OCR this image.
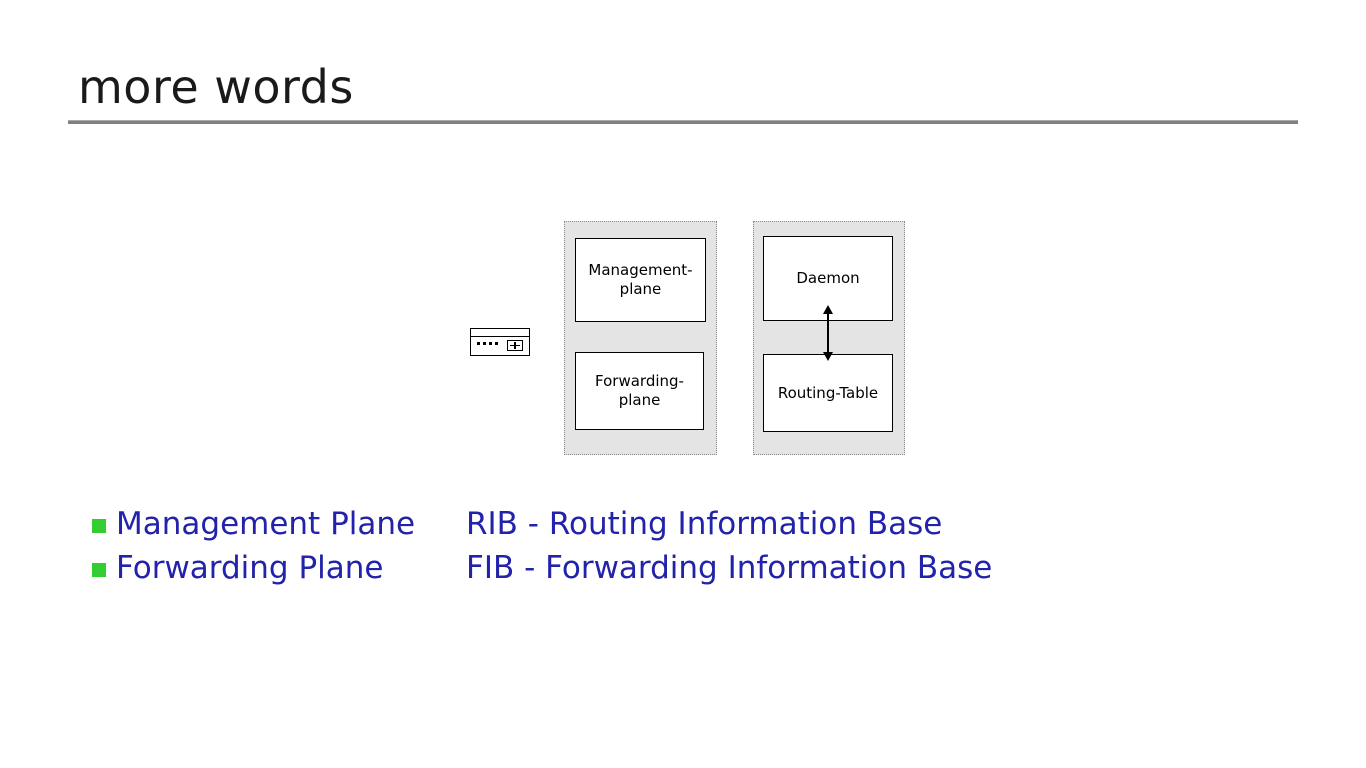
more words
Management-
plane
Forwarding-
plane
Daemon
Routing-Table
Management Plane	RIB - Routing Information Base
Forwarding Plane	FIB - Forwarding Information Base
